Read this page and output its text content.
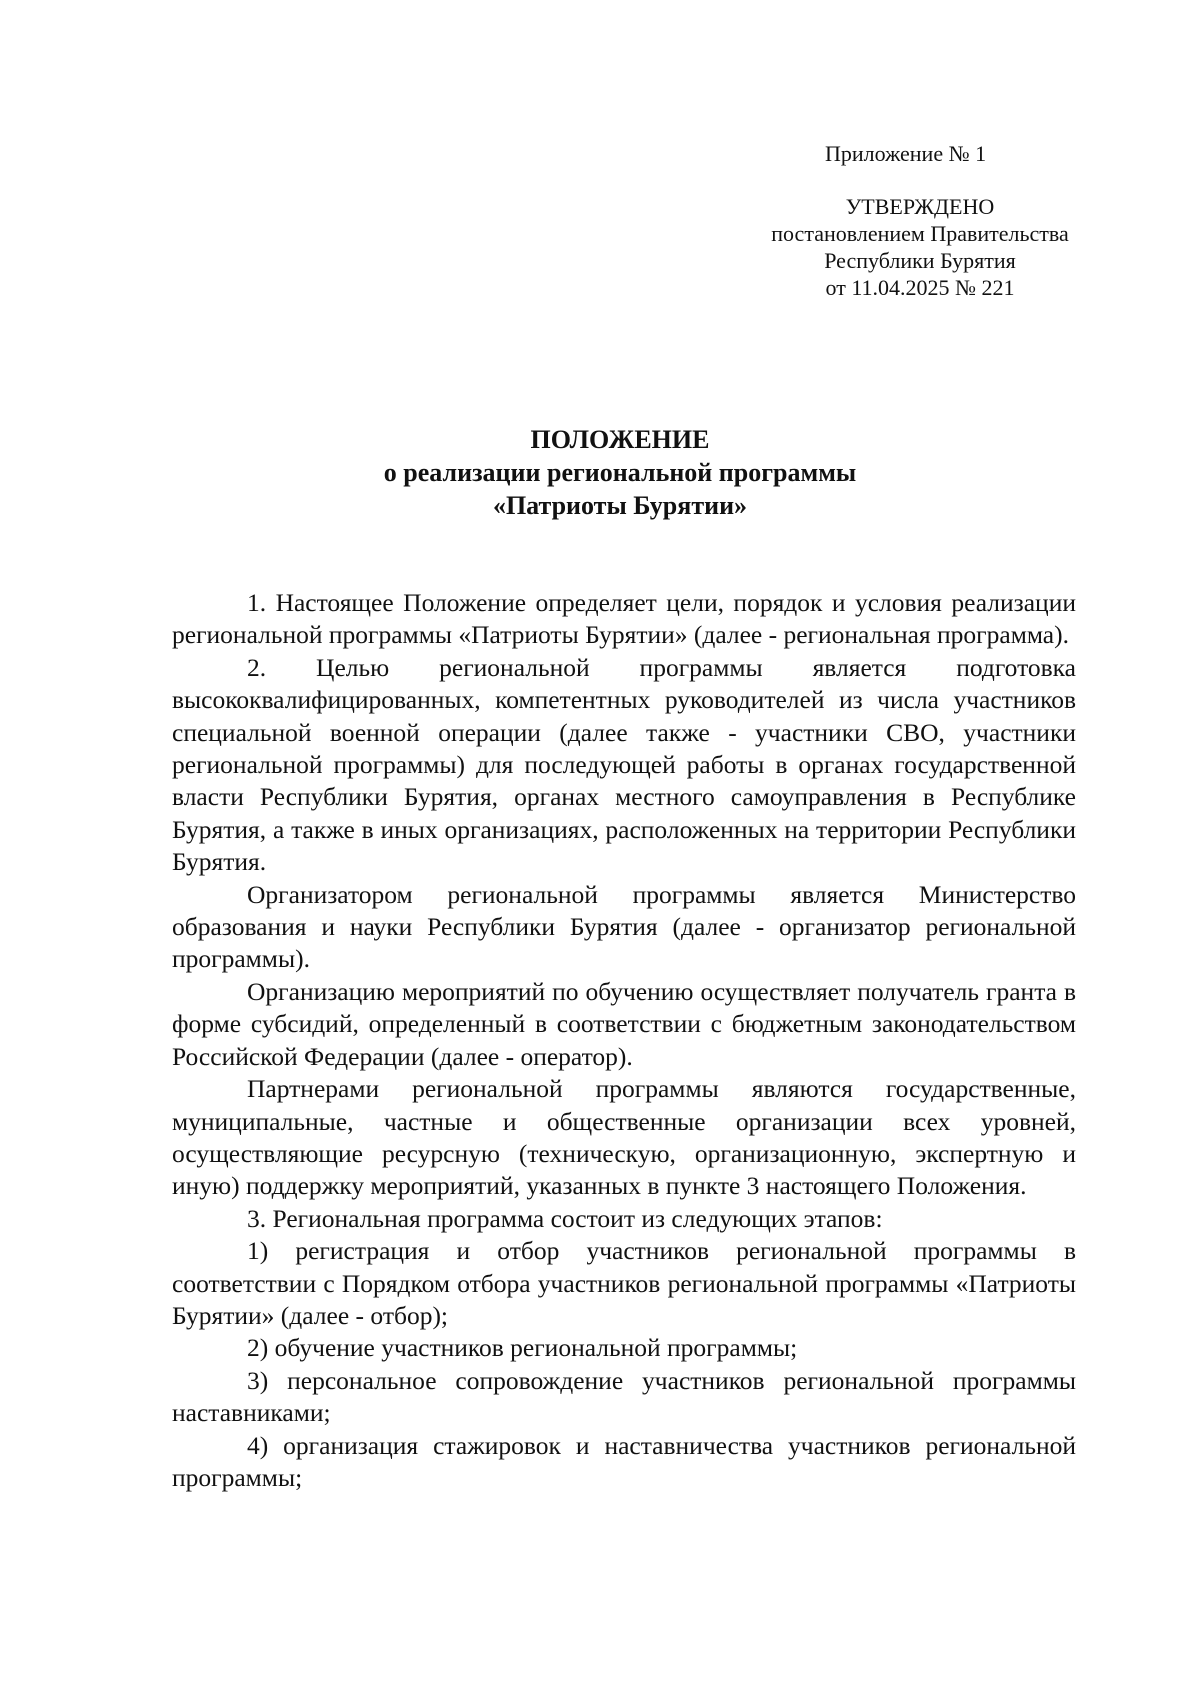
Приложение № 1
УТВЕРЖДЕНО
постановлением Правительства
Республики Бурятия
от 11.04.2025 № 221
ПОЛОЖЕНИЕ
о реализации региональной программы
«Патриоты Бурятии»

1. Настоящее Положение определяет цели, порядок и условия реализации региональной программы «Патриоты Бурятии» (далее - региональная программа).

2. Целью региональной программы является подготовка высококвалифицированных, компетентных руководителей из числа участников специальной военной операции (далее также - участники СВО, участники региональной программы) для последующей работы в органах государственной власти Республики Бурятия, органах местного самоуправления в Республике Бурятия, а также в иных организациях, расположенных на территории Республики Бурятия.

Организатором региональной программы является Министерство образования и науки Республики Бурятия (далее - организатор региональной программы).

Организацию мероприятий по обучению осуществляет получатель гранта в форме субсидий, определенный в соответствии с бюджетным законодательством Российской Федерации (далее - оператор).

Партнерами региональной программы являются государственные, муниципальные, частные и общественные организации всех уровней, осуществляющие ресурсную (техническую, организационную, экспертную и иную) поддержку мероприятий, указанных в пункте 3 настоящего Положения.

3. Региональная программа состоит из следующих этапов:

1) регистрация и отбор участников региональной программы в соответствии с Порядком отбора участников региональной программы «Патриоты Бурятии» (далее - отбор);

2) обучение участников региональной программы;

3) персональное сопровождение участников региональной программы наставниками;

4) организация стажировок и наставничества участников региональной программы;
